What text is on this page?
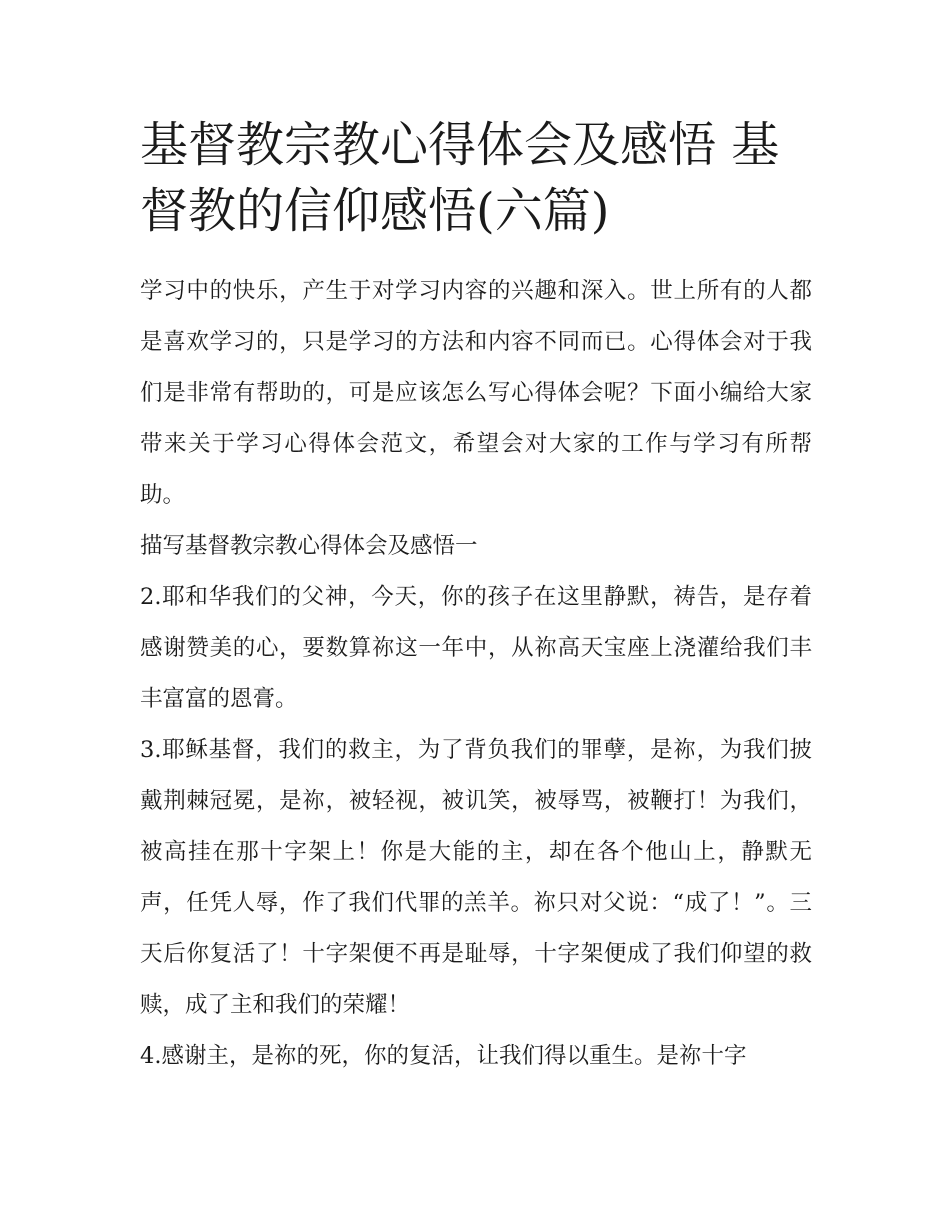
基督教宗教心得体会及感悟 基督教的信仰感悟(六篇)

学习中的快乐，产生于对学习内容的兴趣和深入。世上所有的人都是喜欢学习的，只是学习的方法和内容不同而已。心得体会对于我们是非常有帮助的，可是应该怎么写心得体会呢？下面小编给大家带来关于学习心得体会范文，希望会对大家的工作与学习有所帮助。

描写基督教宗教心得体会及感悟一

2.耶和华我们的父神，今天，你的孩子在这里静默，祷告，是存着感谢赞美的心，要数算祢这一年中，从祢高天宝座上浇灌给我们丰丰富富的恩膏。

3.耶稣基督，我们的救主，为了背负我们的罪孽，是祢，为我们披戴荆棘冠冕，是祢，被轻视，被讥笑，被辱骂，被鞭打！为我们，被高挂在那十字架上！你是大能的主，却在各个他山上，静默无声，任凭人辱，作了我们代罪的羔羊。祢只对父说：“成了！”。三天后你复活了！十字架便不再是耻辱，十字架便成了我们仰望的救赎，成了主和我们的荣耀！

4.感谢主，是祢的死，你的复活，让我们得以重生。是祢十字
